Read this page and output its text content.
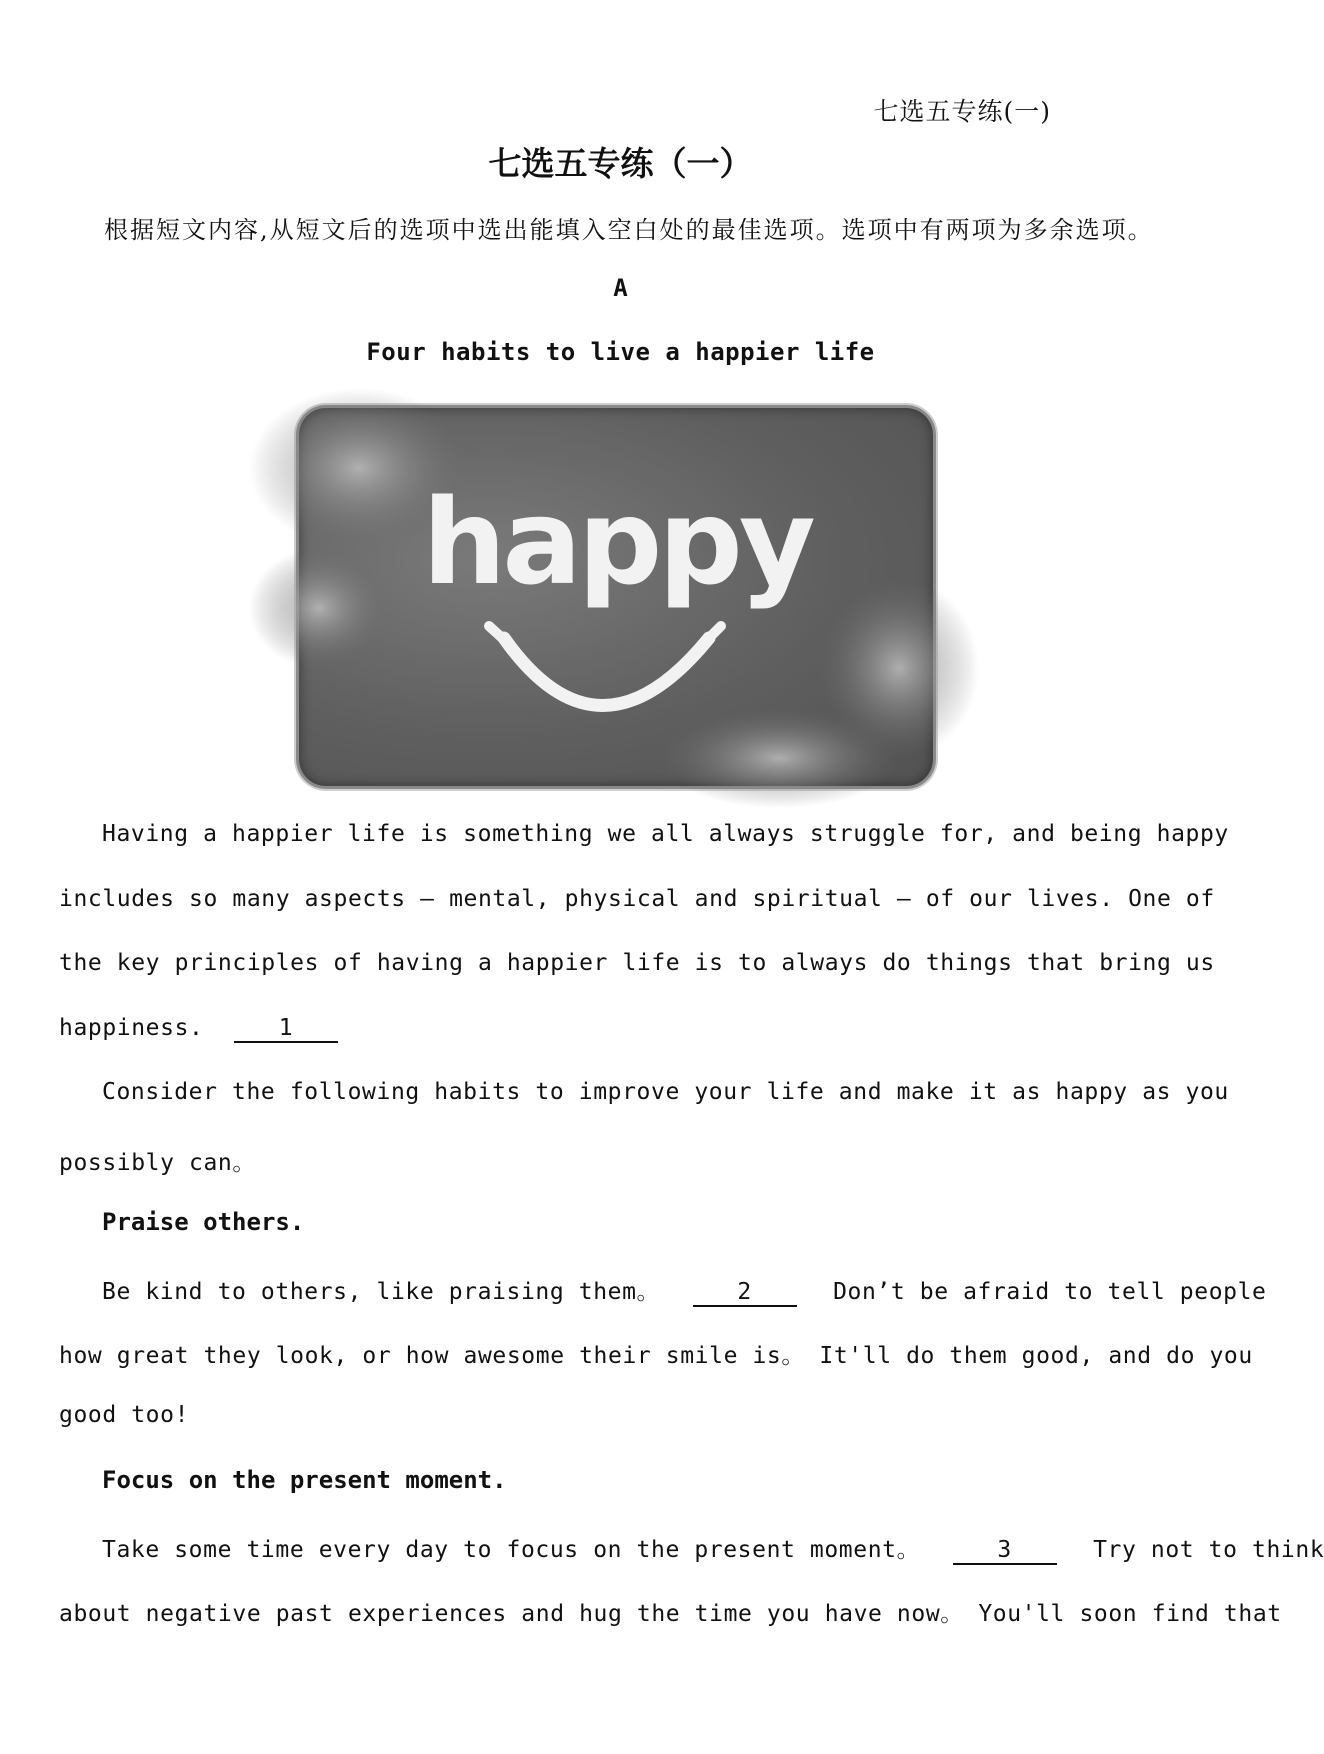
七选五专练(一)
七选五专练（一）
根据短文内容,从短文后的选项中选出能填入空白处的最佳选项。选项中有两项为多余选项。
A
Four habits to live a happier life
happy
Having a happier life is something we all always struggle for, and being happy
includes so many aspects — mental, physical and spiritual — of our lives. One of
the key principles of having a happier life is to always do things that bring us
happiness.	1
Consider the following habits to improve your life and make it as happy as you
possibly can。
Praise others.
Be kind to others, like praising them。	2	Don’t be afraid to tell people
how great they look, or how awesome their smile is。 It'll do them good, and do you
good too!
Focus on the present moment.
Take some time every day to focus on the present moment。	3	Try not to think
about negative past experiences and hug the time you have now。 You'll soon find that
